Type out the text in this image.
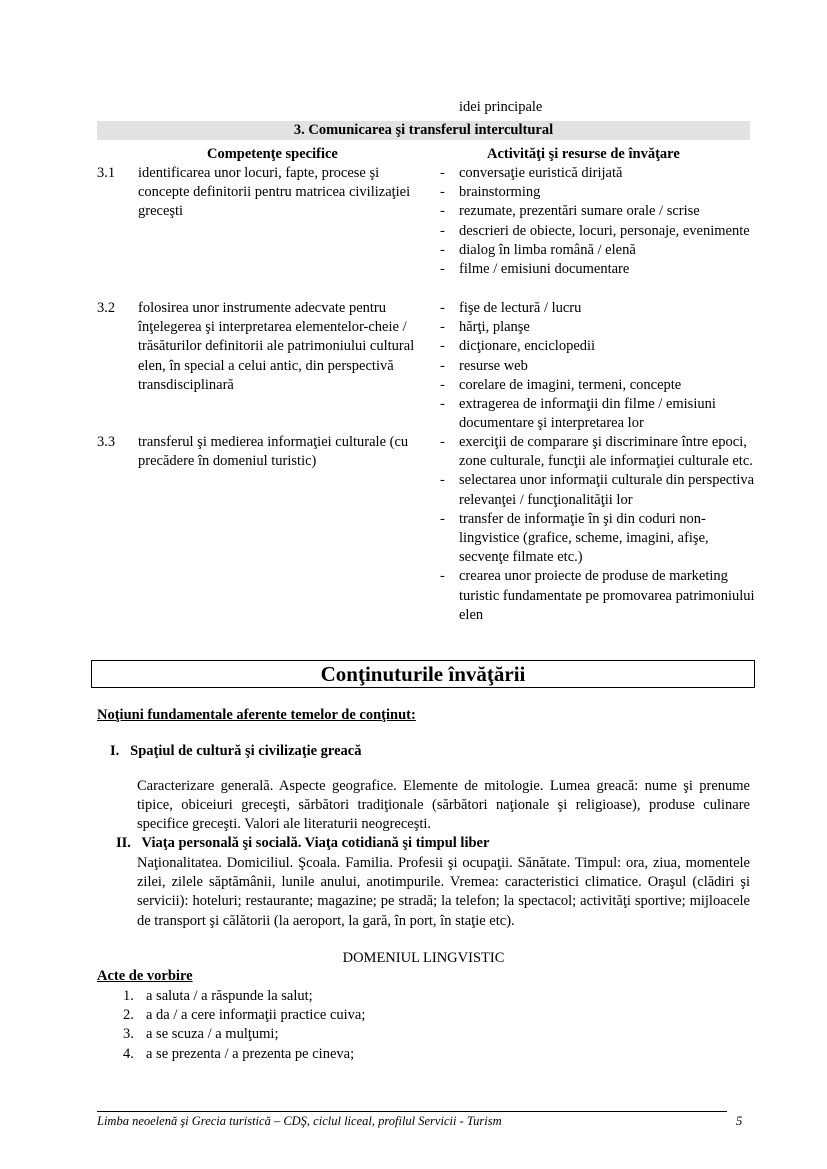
idei principale
3. Comunicarea şi transferul intercultural
Competenţe specifice	Activităţi şi resurse de învăţare
3.1 identificarea unor locuri, fapte, procese şi concepte definitorii pentru matricea civilizaţiei greceşti
- conversaţie euristică dirijată
- brainstorming
- rezumate, prezentări sumare orale / scrise
- descrieri de obiecte, locuri, personaje, evenimente
- dialog în limba română / elenă
- filme / emisiuni documentare
3.2 folosirea unor instrumente adecvate pentru înţelegerea şi interpretarea elementelor-cheie / trăsăturilor definitorii ale patrimoniului cultural elen, în special a celui antic, din perspectivă transdisciplinară
- fişe de lectură / lucru
- hărţi, planşe
- dicţionare, enciclopedii
- resurse web
- corelare de imagini, termeni, concepte
- extragerea de informaţii din filme / emisiuni documentare şi interpretarea lor
3.3 transferul şi medierea informaţiei culturale (cu precădere în domeniul turistic)
- exerciţii de comparare şi discriminare între epoci, zone culturale, funcţii ale informaţiei culturale etc.
- selectarea unor informaţii culturale din perspectiva relevanţei / funcţionalităţii lor
- transfer de informaţie în şi din coduri non-lingvistice (grafice, scheme, imagini, afişe, secvenţe filmate etc.)
- crearea unor proiecte de produse de marketing turistic fundamentate pe promovarea patrimoniului elen
Conţinuturile învăţării
Noţiuni fundamentale aferente temelor de conţinut:
I. Spaţiul de cultură şi civilizaţie greacă
Caracterizare generală. Aspecte geografice. Elemente de mitologie. Lumea greacă: nume şi prenume tipice, obiceiuri greceşti, sărbători tradiţionale (sărbători naţionale şi religioase), produse culinare specifice greceşti. Valori ale literaturii neogreceşti.
II. Viaţa personală şi socială. Viaţa cotidiană şi timpul liber
Naţionalitatea. Domiciliul. Şcoala. Familia. Profesii şi ocupaţii. Sănătate. Timpul: ora, ziua, momentele zilei, zilele săptămânii, lunile anului, anotimpurile. Vremea: caracteristici climatice. Oraşul (clădiri şi servicii): hoteluri; restaurante; magazine; pe stradă; la telefon; la spectacol; activităţi sportive; mijloacele de transport şi călătorii (la aeroport, la gară, în port, în staţie etc).
DOMENIUL LINGVISTIC
Acte de vorbire
1. a saluta / a răspunde la salut;
2. a da / a cere informaţii practice cuiva;
3. a se scuza / a mulţumi;
4. a se prezenta / a prezenta pe cineva;
Limba neoelenă şi Grecia turistică – CDŞ, ciclul liceal, profilul Servicii - Turism	5
